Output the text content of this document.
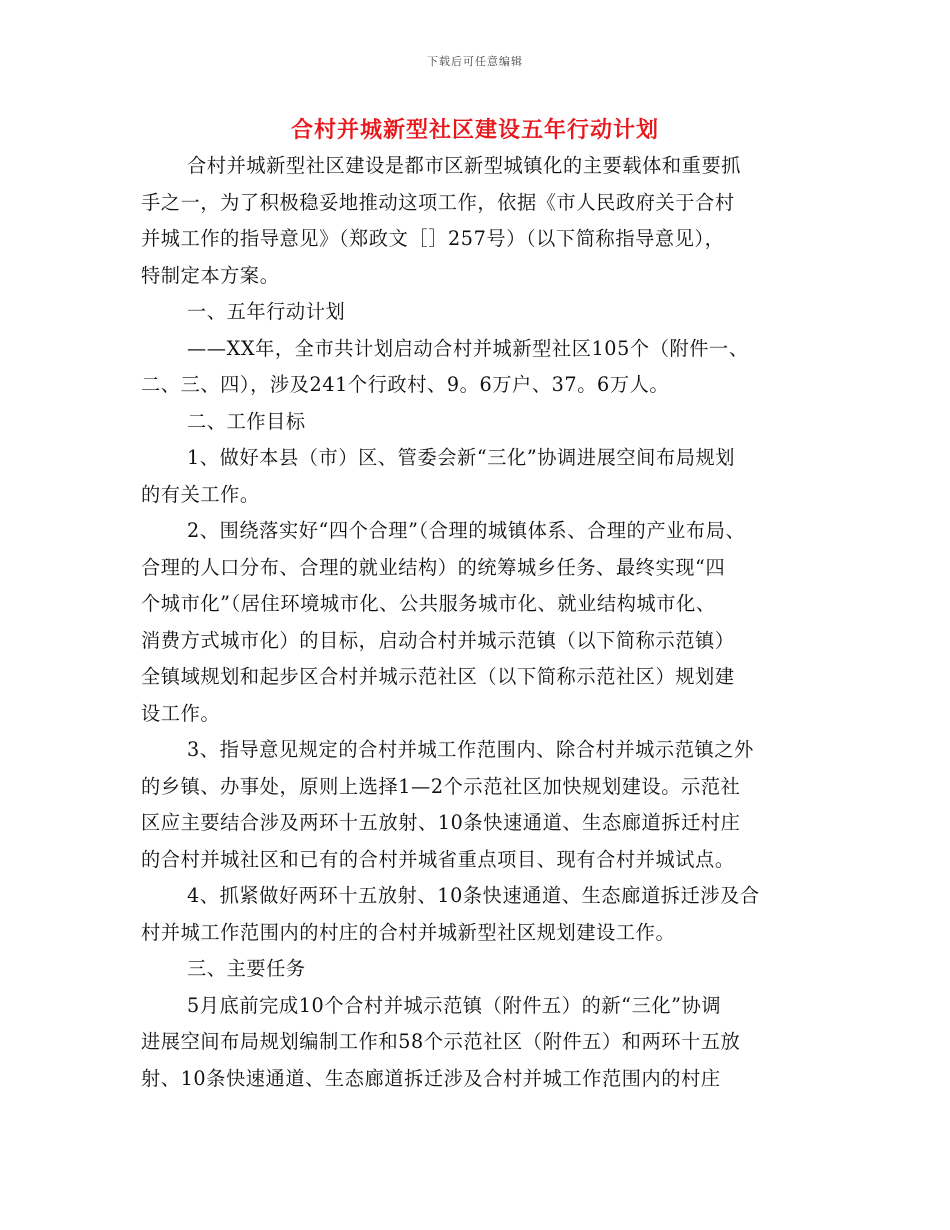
下载后可任意编辑
合村并城新型社区建设五年行动计划
合村并城新型社区建设是都市区新型城镇化的主要载体和重要抓
手之一，为了积极稳妥地推动这项工作，依据《市人民政府关于合村
并城工作的指导意见》（郑政文［］257号）（以下简称指导意见），
特制定本方案。
一、五年行动计划
——XX年，全市共计划启动合村并城新型社区105个（附件一、
二、三、四），涉及241个行政村、9。6万户、37。6万人。
二、工作目标
1、做好本县（市）区、管委会新“三化”协调进展空间布局规划
的有关工作。
2、围绕落实好“四个合理”（合理的城镇体系、合理的产业布局、
合理的人口分布、合理的就业结构）的统筹城乡任务、最终实现“四
个城市化”（居住环境城市化、公共服务城市化、就业结构城市化、
消费方式城市化）的目标，启动合村并城示范镇（以下简称示范镇）
全镇域规划和起步区合村并城示范社区（以下简称示范社区）规划建
设工作。
3、指导意见规定的合村并城工作范围内、除合村并城示范镇之外
的乡镇、办事处，原则上选择1—2个示范社区加快规划建设。示范社
区应主要结合涉及两环十五放射、10条快速通道、生态廊道拆迁村庄
的合村并城社区和已有的合村并城省重点项目、现有合村并城试点。
4、抓紧做好两环十五放射、10条快速通道、生态廊道拆迁涉及合
村并城工作范围内的村庄的合村并城新型社区规划建设工作。
三、主要任务
5月底前完成10个合村并城示范镇（附件五）的新“三化”协调
进展空间布局规划编制工作和58个示范社区（附件五）和两环十五放
射、10条快速通道、生态廊道拆迁涉及合村并城工作范围内的村庄
